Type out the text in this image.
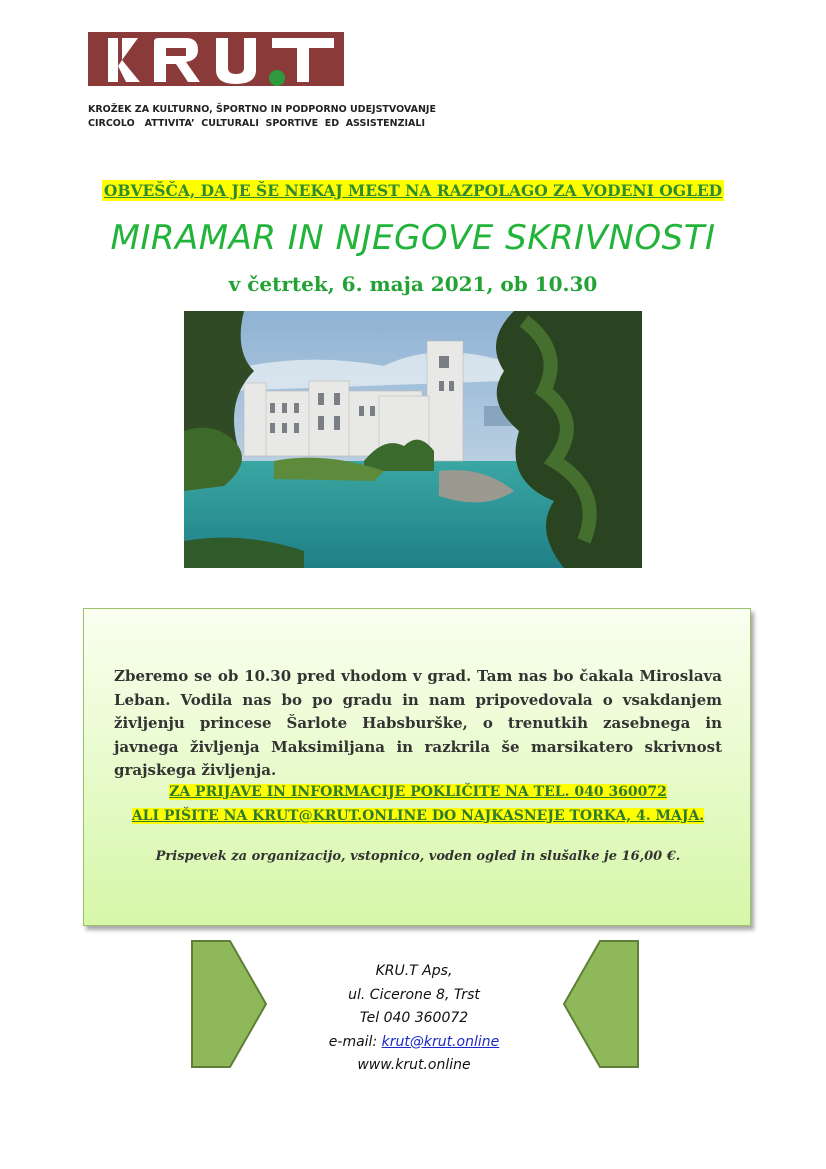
KROŽEK ZA KULTURNO, ŠPORTNO IN PODPORNO UDEJSTVOVANJE
CIRCOLO   ATTIVITA’  CULTURALI  SPORTIVE  ED  ASSISTENZIALI
OBVEŠČA, DA JE ŠE NEKAJ MEST NA RAZPOLAGO ZA VODENI OGLED
MIRAMAR IN NJEGOVE SKRIVNOSTI
v četrtek, 6. maja 2021, ob 10.30
Zberemo se ob 10.30 pred vhodom v grad. Tam nas bo čakala Miroslava Leban. Vodila nas bo po gradu in nam pripovedovala o vsakdanjem življenju princese Šarlote Habsburške, o trenutkih zasebnega in javnega življenja Maksimiljana in razkrila še marsikatero skrivnost grajskega življenja.
ZA PRIJAVE IN INFORMACIJE POKLIČITE NA TEL. 040 360072
ALI PIŠITE NA KRUT@KRUT.ONLINE DO NAJKASNEJE TORKA, 4. MAJA.
Prispevek za organizacijo, vstopnico, voden ogled in slušalke je 16,00 €.
KRU.T Aps,
ul. Cicerone 8, Trst
Tel 040 360072
e-mail: krut@krut.online
www.krut.online
